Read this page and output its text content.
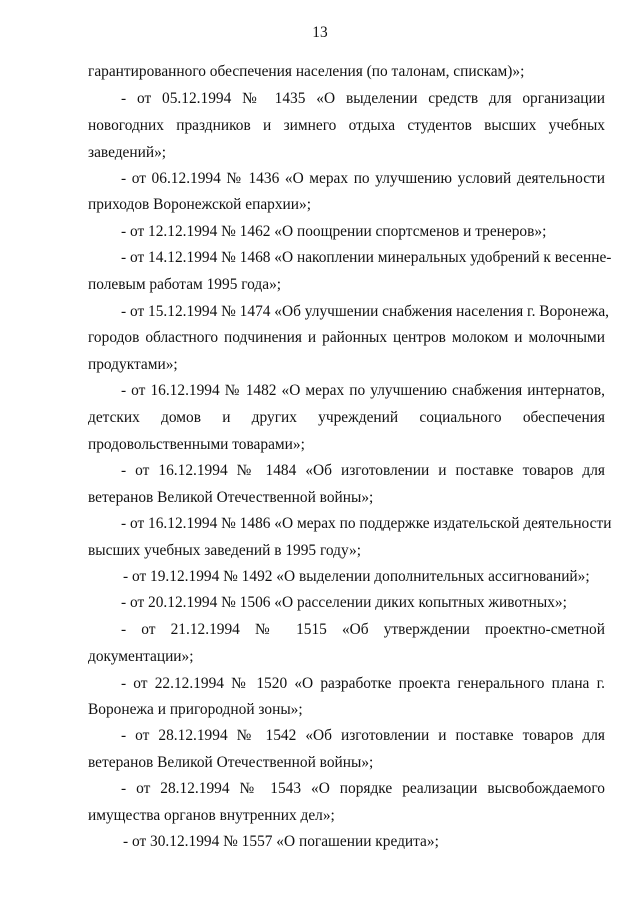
13
гарантированного обеспечения населения (по талонам, спискам)»;
- от 05.12.1994 № 1435 «О выделении средств для организации
новогодних праздников и зимнего отдыха студентов высших учебных
заведений»;
- от 06.12.1994 № 1436 «О мерах по улучшению условий деятельности
приходов Воронежской епархии»;
- от 12.12.1994 № 1462 «О поощрении спортсменов и тренеров»;
- от 14.12.1994 № 1468 «О накоплении минеральных удобрений к весенне-
полевым работам 1995 года»;
- от 15.12.1994 № 1474 «Об улучшении снабжения населения г. Воронежа,
городов областного подчинения и районных центров молоком и молочными
продуктами»;
- от 16.12.1994 № 1482 «О мерах по улучшению снабжения интернатов,
детских домов и других учреждений социального обеспечения
продовольственными товарами»;
- от 16.12.1994 № 1484 «Об изготовлении и поставке товаров для
ветеранов Великой Отечественной войны»;
- от 16.12.1994 № 1486 «О мерах по поддержке издательской деятельности
высших учебных заведений в 1995 году»;
- от 19.12.1994 № 1492 «О выделении дополнительных ассигнований»;
- от 20.12.1994 № 1506 «О расселении диких копытных животных»;
- от 21.12.1994 № 1515 «Об утверждении проектно-сметной
документации»;
- от 22.12.1994 № 1520 «О разработке проекта генерального плана г.
Воронежа и пригородной зоны»;
- от 28.12.1994 № 1542 «Об изготовлении и поставке товаров для
ветеранов Великой Отечественной войны»;
- от 28.12.1994 № 1543 «О порядке реализации высвобождаемого
имущества органов внутренних дел»;
- от 30.12.1994 № 1557 «О погашении кредита»;
